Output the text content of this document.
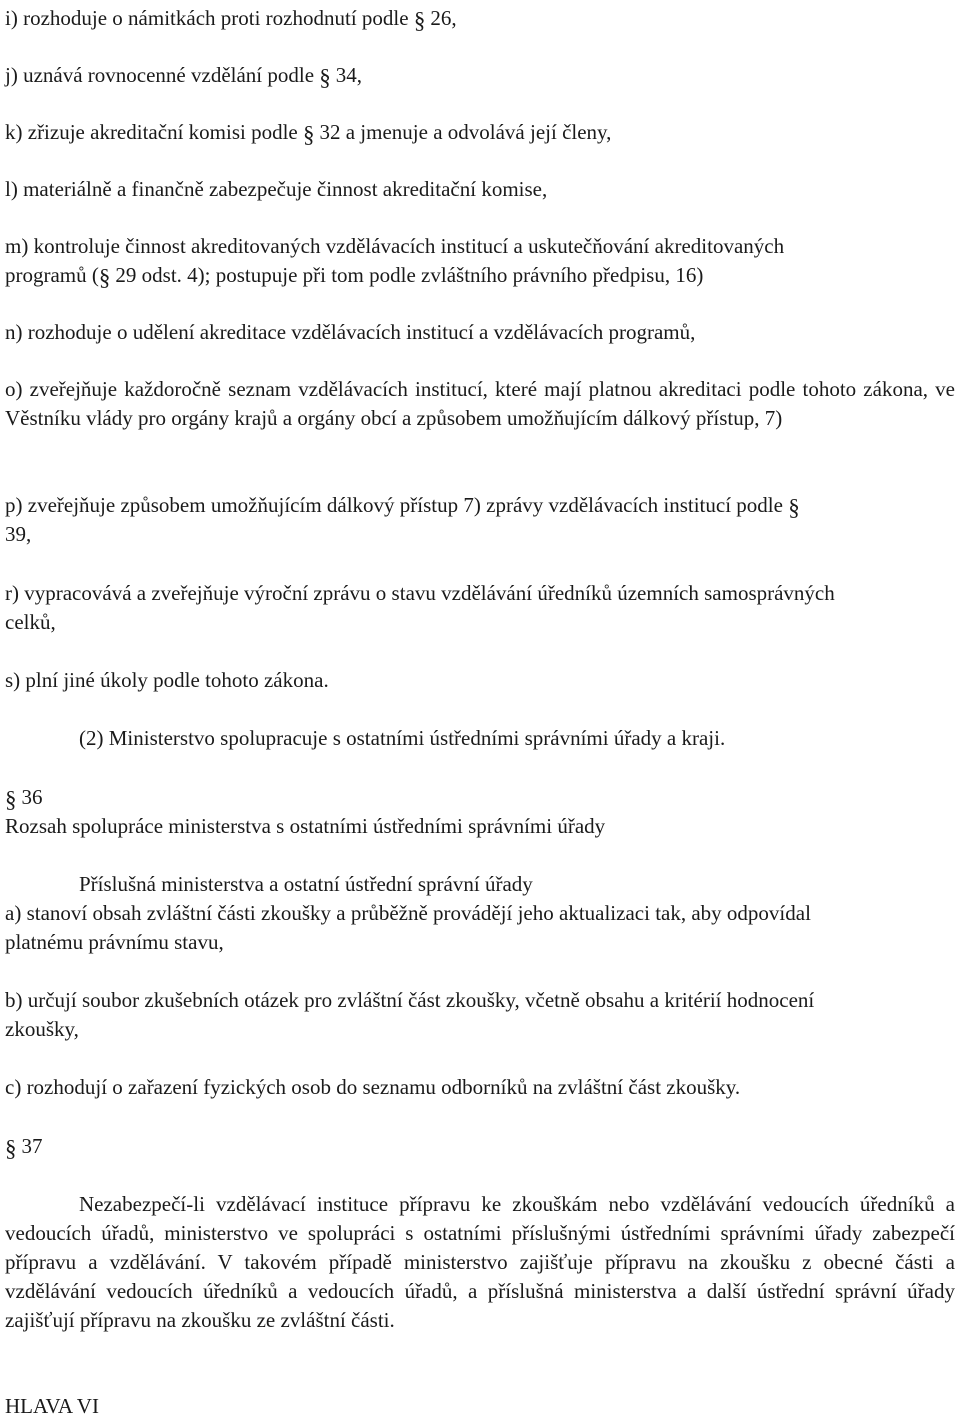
i) rozhoduje o námitkách proti rozhodnutí podle § 26,
j) uznává rovnocenné vzdělání podle § 34,
k) zřizuje akreditační komisi podle § 32 a jmenuje a odvolává její členy,
l) materiálně a finančně zabezpečuje činnost akreditační komise,

m) kontroluje činnost akreditovaných vzdělávacích institucí a uskutečňování akreditovaných

programů (§ 29 odst. 4); postupuje při tom podle zvláštního právního předpisu, 16)

n) rozhoduje o udělení akreditace vzdělávacích institucí a vzdělávacích programů,

o) zveřejňuje každoročně seznam vzdělávacích institucí, které mají platnou akreditaci podle tohoto zákona, ve Věstníku vlády pro orgány krajů a orgány obcí a způsobem umožňujícím dálkový přístup, 7)

p) zveřejňuje způsobem umožňujícím dálkový přístup 7) zprávy vzdělávacích institucí podle §

39,

r) vypracovává a zveřejňuje výroční zprávu o stavu vzdělávání úředníků územních samosprávných celků,

s) plní jiné úkoly podle tohoto zákona.
(2) Ministerstvo spolupracuje s ostatními ústředními správními úřady a kraji.
§ 36
Rozsah spolupráce ministerstva s ostatními ústředními správními úřady
Příslušná ministerstva a ostatní ústřední správní úřady

a) stanoví obsah zvláštní části zkoušky a průběžně provádějí jeho aktualizaci tak, aby odpovídal platnému právnímu stavu,

b) určují soubor zkušebních otázek pro zvláštní část zkoušky, včetně obsahu a kritérií hodnocení zkoušky,

c) rozhodují o zařazení fyzických osob do seznamu odborníků na zvláštní část zkoušky.
§ 37

Nezabezpečí-li vzdělávací instituce přípravu ke zkouškám nebo vzdělávání vedoucích úředníků a vedoucích úřadů, ministerstvo ve spolupráci s ostatními příslušnými ústředními správními úřady zabezpečí přípravu a vzdělávání. V takovém případě ministerstvo zajišťuje přípravu na zkoušku z obecné části a vzdělávání vedoucích úředníků a vedoucích úřadů, a příslušná ministerstva a další ústřední správní úřady zajišťují přípravu na zkoušku ze zvláštní části.

HLAVA VI
